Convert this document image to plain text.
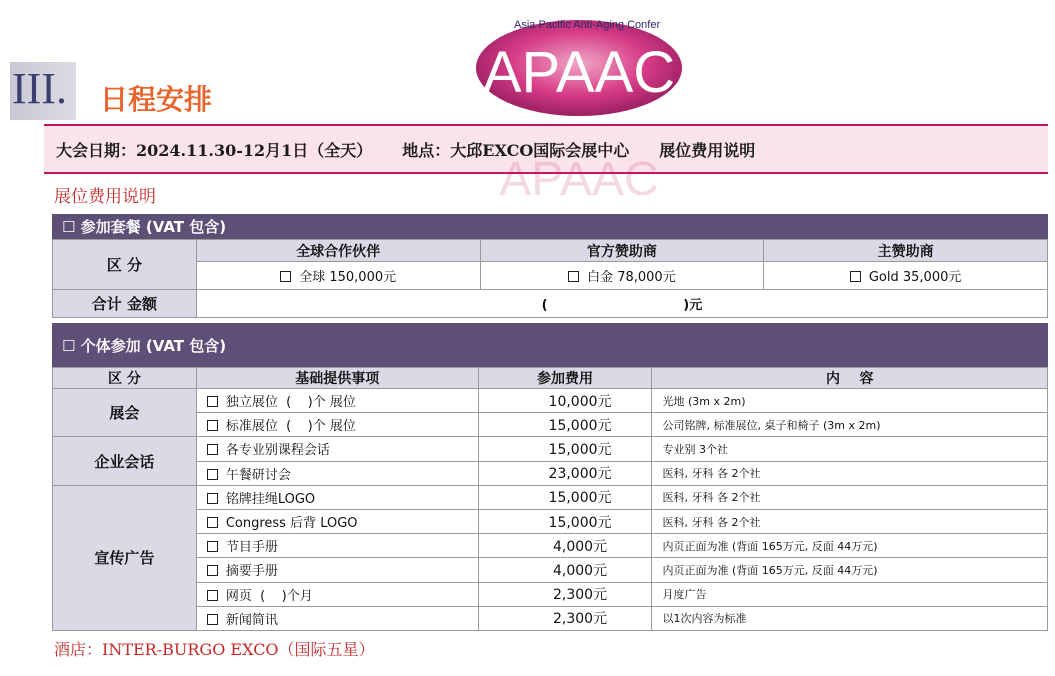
III.	日程安排
Asia Pacific Anti-Aging Confer
APAAC
大会日期：2024.11.30-12月1日（全天） 地点：大邱EXCO国际会展中心 展位费用说明
APAAC
展位费用说明
☐ 参加套餐 (VAT 包含)
区 分	全球合作伙伴	官方赞助商	主赞助商
	全球 150,000元	白金 78,000元	Gold 35,000元
合计 金额	(                              )元		
☐ 个体参加 (VAT 包含)
区 分	基础提供事项	参加费用	内    容
展会	独立展位  (    )个 展位	10,000元	光地 (3m x 2m)
	标准展位  (    )个 展位	15,000元	公司铭牌, 标准展位, 桌子和椅子 (3m x 2m)
企业会话	各专业别课程会话	15,000元	专业别 3个社
	午餐研讨会	23,000元	医科, 牙科 各 2个社
宣传广告	铭牌挂绳LOGO	15,000元	医科, 牙科 各 2个社
	Congress 后背 LOGO	15,000元	医科, 牙科 各 2个社
	节目手册	4,000元	内页正面为准 (背面 165万元, 反面 44万元)
	摘要手册	4,000元	内页正面为准 (背面 165万元, 反面 44万元)
	网页  (    )个月	2,300元	月度广告
	新闻简讯	2,300元	以1次内容为标准
酒店：INTER-BURGO EXCO（国际五星）
